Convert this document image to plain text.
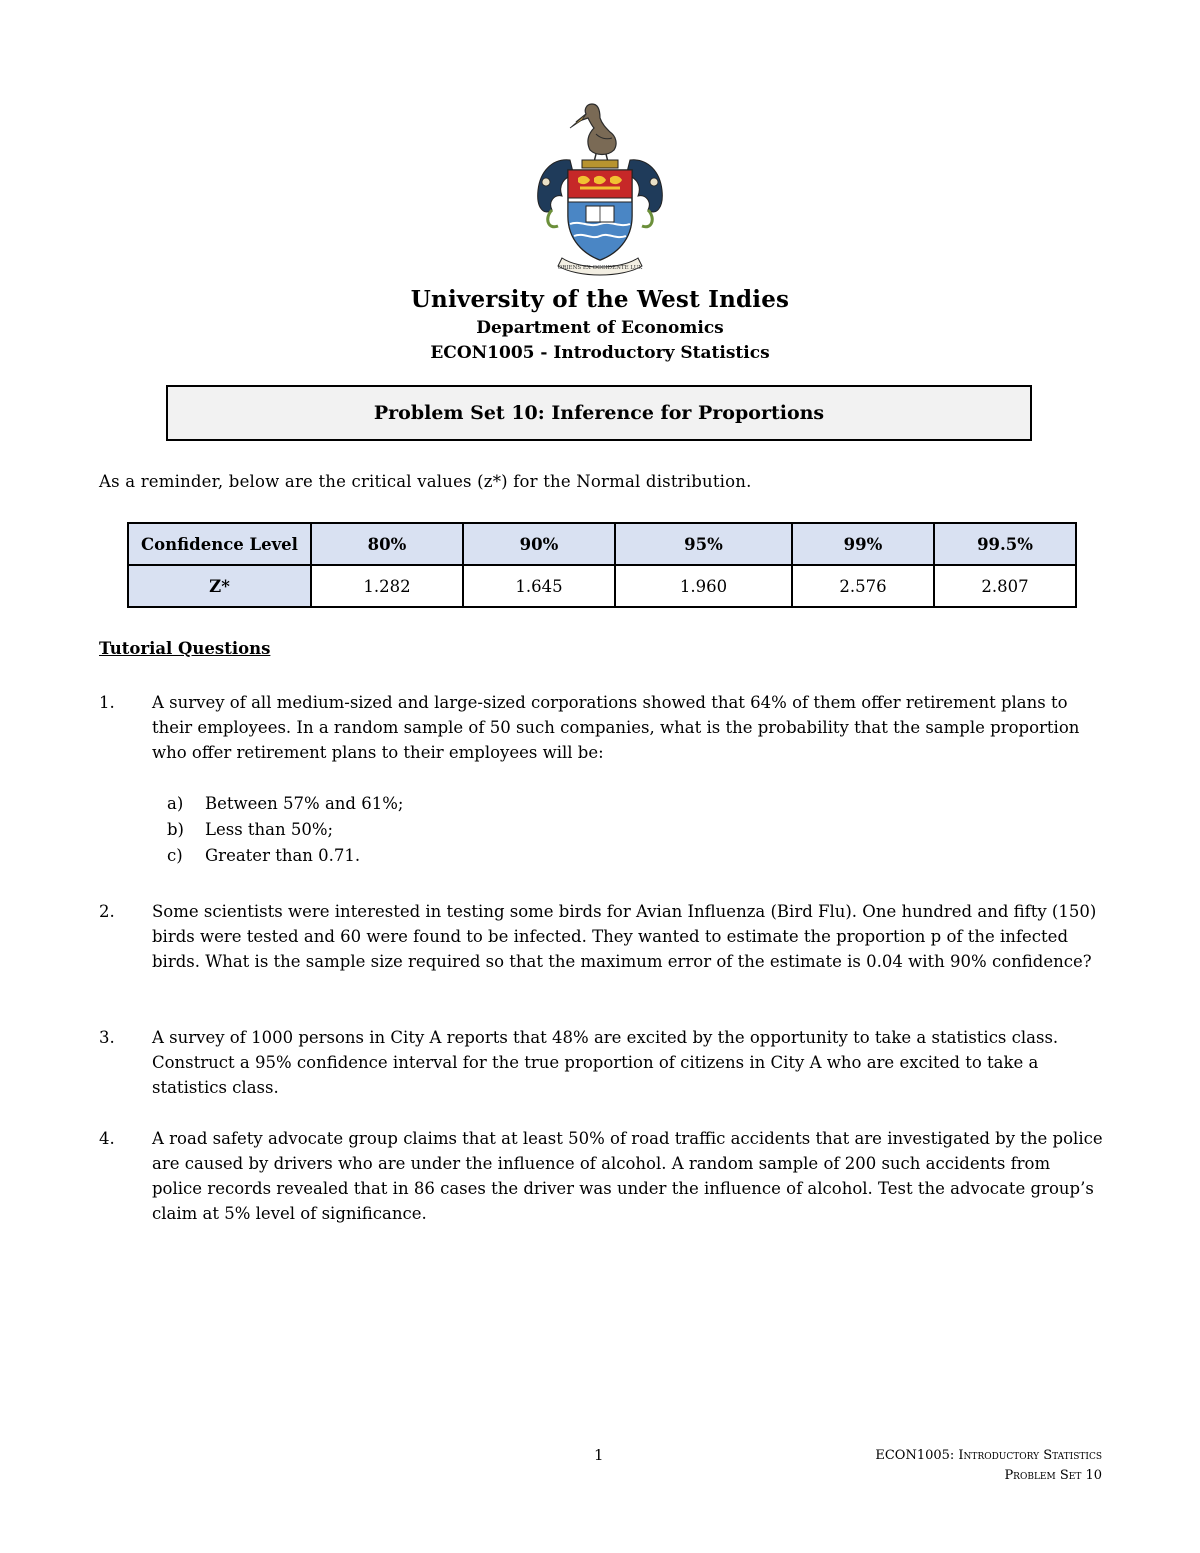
ORIENS EX OCCIDENTE LUX
University of the West Indies
Department of Economics
ECON1005 - Introductory Statistics
Problem Set 10: Inference for Proportions
As a reminder, below are the critical values (z*) for the Normal distribution.
Confidence Level	80%	90%	95%	99%	99.5%
Z*	1.282	1.645	1.960	2.576	2.807
Tutorial Questions
1. A survey of all medium-sized and large-sized corporations showed that 64% of them offer retirement plans to their employees. In a random sample of 50 such companies, what is the probability that the sample proportion who offer retirement plans to their employees will be:
a) Between 57% and 61%;
b) Less than 50%;
c) Greater than 0.71.
2. Some scientists were interested in testing some birds for Avian Influenza (Bird Flu). One hundred and fifty (150) birds were tested and 60 were found to be infected. They wanted to estimate the proportion p of the infected birds. What is the sample size required so that the maximum error of the estimate is 0.04 with 90% confidence?
3. A survey of 1000 persons in City A reports that 48% are excited by the opportunity to take a statistics class. Construct a 95% confidence interval for the true proportion of citizens in City A who are excited to take a statistics class.
4. A road safety advocate group claims that at least 50% of road traffic accidents that are investigated by the police are caused by drivers who are under the influence of alcohol. A random sample of 200 such accidents from police records revealed that in 86 cases the driver was under the influence of alcohol. Test the advocate group’s claim at 5% level of significance.
1	ECON1005: Introductory Statistics
Problem Set 10
